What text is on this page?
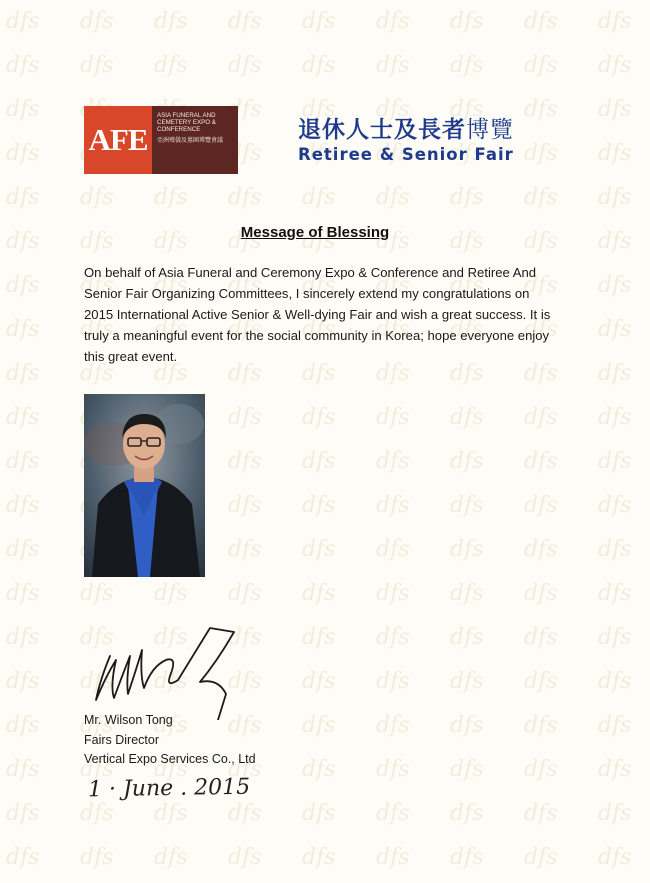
AFE
ASIA FUNERAL AND CEMETERY EXPO & CONFERENCE
亞洲殯儀及墓園博覽會議	退休人士及長者博覽
Retiree & Senior Fair
Message of Blessing
On behalf of Asia Funeral and Ceremony Expo & Conference and Retiree And Senior Fair Organizing Committees, I sincerely extend my congratulations on 2015 International Active Senior & Well-dying Fair and wish a great success. It is truly a meaningful event for the social community in Korea; hope everyone enjoy this great event.
Mr. Wilson Tong
Fairs Director
Vertical Expo Services Co., Ltd
1 · June . 2015
